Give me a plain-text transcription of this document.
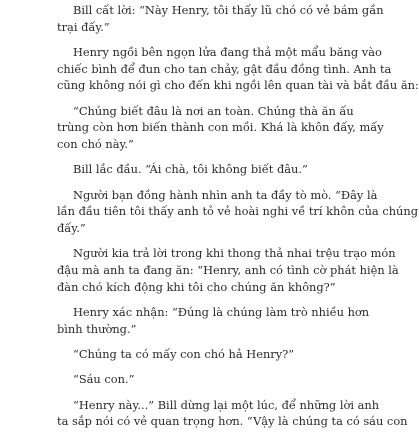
Bill cất lời: “Này Henry, tôi thấy lũ chó có vẻ bám gần
trại đấy.”

Henry ngồi bên ngọn lửa đang thả một mẩu băng vào
chiếc bình để đun cho tan chảy, gật đầu đồng tình. Anh ta
cũng không nói gì cho đến khi ngồi lên quan tài và bắt đầu ăn:

“Chúng biết đâu là nơi an toàn. Chúng thà ăn ấu
trùng còn hơn biến thành con mồi. Khá là khôn đấy, mấy
con chó này.”

Bill lắc đầu. “Ái chà, tôi không biết đâu.”

Người bạn đồng hành nhìn anh ta đầy tò mò. “Đây là
lần đầu tiên tôi thấy anh tỏ vẻ hoài nghi về trí khôn của chúng
đấy.”

Người kia trả lời trong khi thong thả nhai trệu trạo món
đậu mà anh ta đang ăn: “Henry, anh có tình cờ phát hiện là
đàn chó kích động khi tôi cho chúng ăn không?”

Henry xác nhận: “Đúng là chúng làm trò nhiều hơn
bình thường.”

“Chúng ta có mấy con chó hả Henry?”

“Sáu con.”

“Henry này...” Bill dừng lại một lúc, để những lời anh
ta sắp nói có vẻ quan trọng hơn. “Vậy là chúng ta có sáu con
